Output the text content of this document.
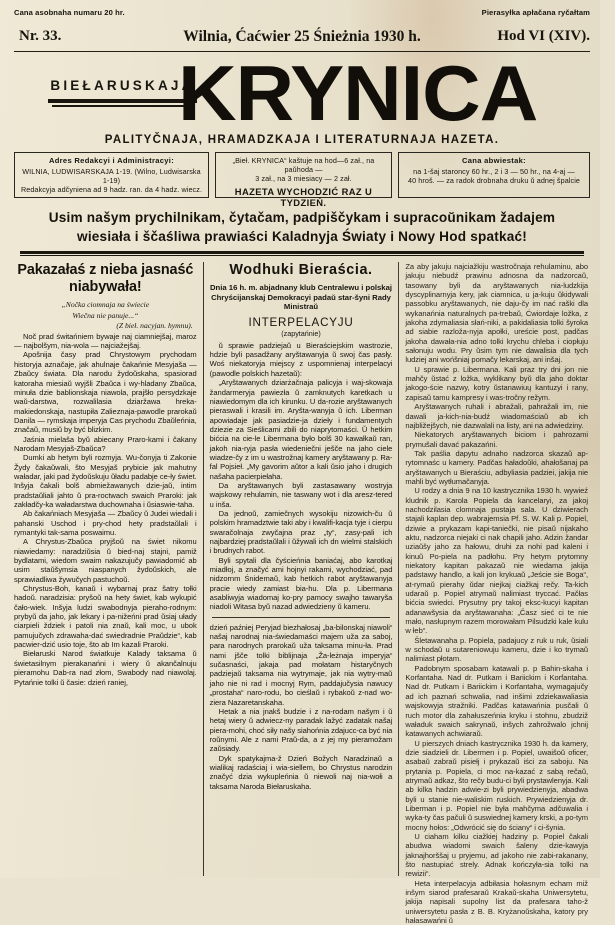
Cana asobnaha numaru 20 hr.	Pierasyłka apłačana ryčałtam
Nr. 33.	Wilnia, Ćaćwier 25 Śnieżnia 1930 h.	Hod VI (XIV).
BIEŁARUSKAJA
KRYNICA
PALITYČNAJA, HRAMADZKAJA I LITERATURNAJA HAZETA.
Adres Redakcyi i Administracyi:
WILNIA, LUDWISARSKAJA 1-19. (Wilno, Ludwisarska 1-19)
Redakcyja adčyniena ad 9 hadz. ran. da 4 hadz. wiecz.
„Bieł. KRYNICA“ kaštuje na hod—6 zał., na paŭhoda —
3 zał., na 3 miesiacy — 2 zał.
HAZETA WYCHODZIĆ RAZ U TYDZIEŃ.
Cana abwiestak:
na 1-šaj staroncy 60 hr., 2 i 3 — 50 hr., na 4-aj —
40 hroš. — za radok drobnaha druku ŭ adnej špalcie
Usim našym prychilnikam, čytačam, padpiščykam i supracoŭnikam žadajem
wiesiała i ščaśliwa prawiaści Kaladnyja Światy i Nowy Hod spatkać!
Pakazałaś z nieba jasnaść niabywała!
„Nočka ciomnaja na świecie
Wiečna nie panuje...“
(Z bieł. nacyjan. hymnu).

Noč prad świtańniem bywaje naj ciamniejšaj, maroz — najbolšym, nia-wola — najciažejšaj.

Apošnija časy prad Chrystowym prychodam historyja aznačaje, jak ahulnaje čakańnie Mesyjaša —Zbaŭcy świata. Dla narodu žydoŭskaha, spasiorad katoraha miesiaŭ wyjšli Zbaŭca i wy-hladany Zbaŭca, minuła dzie bablionskaja niawola, prajšło persydzkaje waŭ-darstwa, rozwalilasia dziaržawa hreka-makiedonskaja, nastupiła Zalieznaja-pawodle prarokaŭ Danila — rymskaja imperyja Cas prychodu Zbaŭleńnia, značaŭ, musiŭ by być blizkim.

Jaśnia mielaša byŭ abiecany Praro-kami i čakany Narodam Mesyjaš-Zbaŭca?

Dumki ab hetym byli rozmyja. Wu-čonyja ti Zakonie Žydy čakaŭwali, što Mesyjaš prybicie jak mahutny waładar, jaki pad žydoŭskuju ŭładu padabje ce-ły świet. Inšyja čakali bolš abmiežawanych dzie-jaŭ, intim pradstaŭliali jahto ŭ pra-roctwach swaich Praroki: jak zakładčy-ka waładarstwa duchownaha i ŭsiaswie-taha.

Ab čakańniach Mesyjaša — Zbaŭcy ŭ Judei wiedali i pahanski Uschod i pry-chod hety pradstaŭlali i rymantyki tak-sama poswaimu.

A Chrystus-Zbaŭca pryjšoŭ na świet nikomu niawiedamy: naradziŭsia ŭ bied-naj stajni, pamiž bydlatami, wiedom swaim nakazujučy pawiadomić ab usim staŭšymsia niaspanych žydoŭskich, ale sprawiadliwa žywučych pastuchoŭ.

Chrystus-Boh, kanaŭ i wybarnaj praz šatry tołki hadoŭ. naradzisia: pryšoŭ na hety świet, kab wykupić čało-wiek. Inšyja ludzi swabodnyja pieraho-rodnym: prybyŭ da jaho, jak lekary i pa-nižeńni prad ŭsiaj ułady ciarpieli ždziek i patoli nia znaŭ, kali moc, u ubok pamujučych zdrawaha-dać swiedradnie Praŭdzie“, kab pacwier-dzić usio toje, što ab Im kazali Praroki.

Biełaruski Narod światkuje Kalady taksama ŭ świetasilnym pierakanańni i wiery ŭ akančalnuju pieramohu Dab-ra nad złom, Swabody nad niawolaj. Pytańnie tolki ŭ časie: dzień raniej,

Wodhuki Bieraścia.
Dnia 16 h. m. abjadnany klub Centralewu i polskaj Chryścijanskaj Demokracyi padaŭ star-šyni Rady Ministraŭ
INTERPELACYJU
(zapytańnie)

ŭ sprawie padziejaŭ u Bieraściejskim wastrozie, hdzie byli pasadžany aryštawanyja ŭ swoj čas pasły. Woś niekatoryja miejscy z uspomnienaj interpelacyi (pawodle polskich hazetaŭ):

„Aryštawanych dziarżačnaja palicyja i waj-skowaja žandarmeryja pawiezła ŭ zamknutych karetkach u niawiedomym dla ich kirunku. U da-rozie aryštawanych pieraswali i krasili im. Aryšta-wanyja ŭ ich. Liberman apowiadaje jak pasiadzie-ja dzieły i fundamentych dziezie za Sieślicami zbili do niaprytomaści. Ŭ hetkim bićcia na cie-le Libermana było bolš 30 kawałkaŭ ran, jakoh nia-ryja pasła wiedeniečni ješče na jaho ciele wiadze-čy z im u wastrožnaj kamery aryštawany p. Ra-fal Pojsieł. „My gavorim aŭtor a kali ŭsio jaho i drugich našaha pacierpiełaha.

Da aryštawanych byli zastasawany wostryja wajskowy rehulamin, nie taswany wot i dla aresz-tered u inša.

Da jednoŭ, zamiečnych wysokiju nizowich-ču ŭ polskim hramadztwie taki aby i kwalifi-kacja tyje i cierpu swaračolnaja zwyčajna praz „ty“, zasy-pali ich najbardziej pradstaŭlali i ŭžywali ich dn wielmi stalskich i brudnych rabot.

Byli spytali dla čyścieńnia baniaćaj, abo karotkaj miadłoj, a značyć ami hojnyi rakami, wychodziać, pad nidzornm Śnidemaŭ, kab hetkich rabot aryštawanyja pracie wiedy zamiast bia-hu. Dla p. Libermana asabliwyja wiadomaj ko-pry pamocy swajho tawaryša niadoli Witasa byŭ nazad adwiedzieny ŭ kameru.

dzień paźniej Peryjad biezhałosaj „ba-bilonskaj niawoli“ našaj narodnaj nia-świedamaści majem uža za saboj, para narodnych prarokaŭ uža taksama minu-ła. Prad nami jšče tolki biblijnaja „Ža-leżnaja imperyja“ sučasnaści, jakaja pad mołatam histaryčnych padziejaŭ taksama nia wytrymaje, jak nia wytry-maŭ jaho nie ni rad i mocnyj Rym, paddajučysia nawucy „prostaha“ naro-rodu, bo cieślaŭ i rybakoŭ z-nad wo-ziera Nazaretanskaha.

Hetak a nia jnakš budzie i z na-rodam našym i ŭ hetaj wiery ŭ adwiecz-ny paradak lažyć zadatak našaj piera-mohi, choć siły našy siahońnia zdajucc-ca być nia roŭnymi. Ale z nami Praŭ-da, a z jej my pieramožam zaŭsiady.

Dyk spatykajma-ž Dzień Božych Naradzinaŭ a wialikaj radaściaj i wia-siellem, bo Chrystus narodzin značyć dzia wykupleńnia ŭ niewoli naj nia-wołi a taksama Naroda Biełaruskaha.

Za aby jakuju najciažkiju wastročnaja rehulaminu, abo jakuju niebudź prawinu adnosna da nadzorcaŭ, tasowany byli da aryštawanych nia-ludzkija dyscyplinarnyja kery, jak ciamnica, u ja-kuju ŭkidywali passobku aryštawanych, nie daju-čy im nać raški dla wykanańnia naturalnych pa-trebaŭ, Ćwiordaje ložka, z jakoha zdymaliasia słań-niki, a pakidaliasia tolki šyroka ad siabie razloža-nyja apołki, ureście post, padčas jakoha dawała-nia adno tolki krychu chleba i ciopłuju sałonuju wodu. Pry ŭsim tym nie dawalisia dla tych ludziej ani wońšniaj pomačy lekarskaj, ani inšaj.

U sprawie p. Libermana. Kali praz try dni jon nie mahčy ŭstać z ložka, wyklikany byŭ dla jaho doktar jakogo-ście nazwy, kotry ŭstanawiuų kantuzyi i rany, zapisaŭ tamu kampresy i was-tročny režym.

Aryštawanych ruhali i abražali, pahražali im, nie dawali ja-kich-nia-budź wiadomaściaŭ ab ich najbližejšych, nie dazwalali na listy, ani na adwiedziny.

Niekatorych aryštawanych biciom i pahrozami prymušali davać pakazańni.

Tak paślia dapytu adnaho nadzorca skazaŭ ap-rytomnaśc u kamery. Padčas haładoŭki, ahałošanaj pa aryštawanych u Bieraściu, adbyliasia padziei, jakija nie mahli być wytłumačanyja.

U rodzy a dnia 9 na 10 kastrycznika 1930 h. wywieź kludnik p. Karola Popiela da kancelaryi, za jakoj nachodzilasia clomnaja pustaja sala. U dziwierach stajali kaplan dep. wabrajemsia Pf. S. W. Kali p. Popiel, dziwie a prykazam kapi-taniečki, nie pisaŭ nijakaho aktu, nadzorca niejaki ci nak chapili jaho. Adzin žandar uziaŭšy jaho za hałowu, druhi za nohi pad kaleni i kinuŭ Po-piela na padłohu. Pry hetym prytomny niekatory kapitan pakazaŭ nie wiedama jakija padstawy handlo, a kali jon krykuaŭ „Jeście sie Boga“, at-rymaŭ pierahy ŭdar niejkaj ciažkaj rečy. Ta-kich udaraŭ p. Popiel atrymaŭ nalimiast tryccać. Pačłas bićcia swiedci. Prysutny pry takoj eksc-kucyi kapitan adanawšysia da aryštawanaha: „Časz sieć ci te nie mało, nasłupnym razem morowałam Pilsudzki kale kulu w łeb“.

Šletawanaha p. Popiela, padajucy z ruk u ruk, ŭsiali w schodaŭ u sutareniowuju kameru, dzie i ko trymaŭ nalimiast płotam.

Padobnym sposabam katawali p. p Bahin-skaha i Korfantaha. Nad dr. Putkam i Bariickim i Korfantaha. Nad dr. Putkam i Bariickim i Korfantaha, wymagajučy ad ich paznań schwalia, nad inšimi zdziekawaliasia wajskowyja stražniki. Padčas katawańnia pusčali ŭ ruch motor dla zahałuszeńnia kryku i stohnu, zbudziž waładuk swaich sakrynaŭ, inšych zahrožwalo jchnij katawanych achwiaraŭ.

U pierszych dniach kastrycznika 1930 h. da kamery, dzie siadzieli dr. Libermen i p. Popiel, uwaišoŭ oficer, asabaŭ zabraŭ pisiełj i prykazaŭ iści za saboju. Na prytania p. Popiela, ci moc na-kazać z sabą rečaŭ, atrymaŭ adkaz, što rečy budu-ci byli prystawlenyja. Kali ab kilka hadzin adwie-zi byli prywiedzienyja, abadwa byli u stanie nie-waliskim ruskich. Prywiedzienyja dr. Liberman i p. Popiel nie była mahčyma adčuwalia i wyka-ty čas pačuli ŭ suswiednej kamery krski, a po-tym mocny hołos: „Odwrócić się do ściany“ i ci-šynia.

U ciaham kilku ciažkiej hadziny p. Popiel čakali abudwa wiadomi swaich šaleny dzie-kawyja jaknajhorššaj u pryjemu, ad jakoho nie zabi-rakanany, što nastupiać strely. Adnak kończyła-sia tolki na rewizii“.

Heta interpelacyja adbiłasia hołasnym echam miž inšym siarod prafesaraŭ Krakaŭ-skaha Uniwersytetu, jakija napisali supolny list da prafesara taho-ž uniwersytetu pasła z B. B. Kryżanoŭskaha, katory pry hałasawańni ŭ
